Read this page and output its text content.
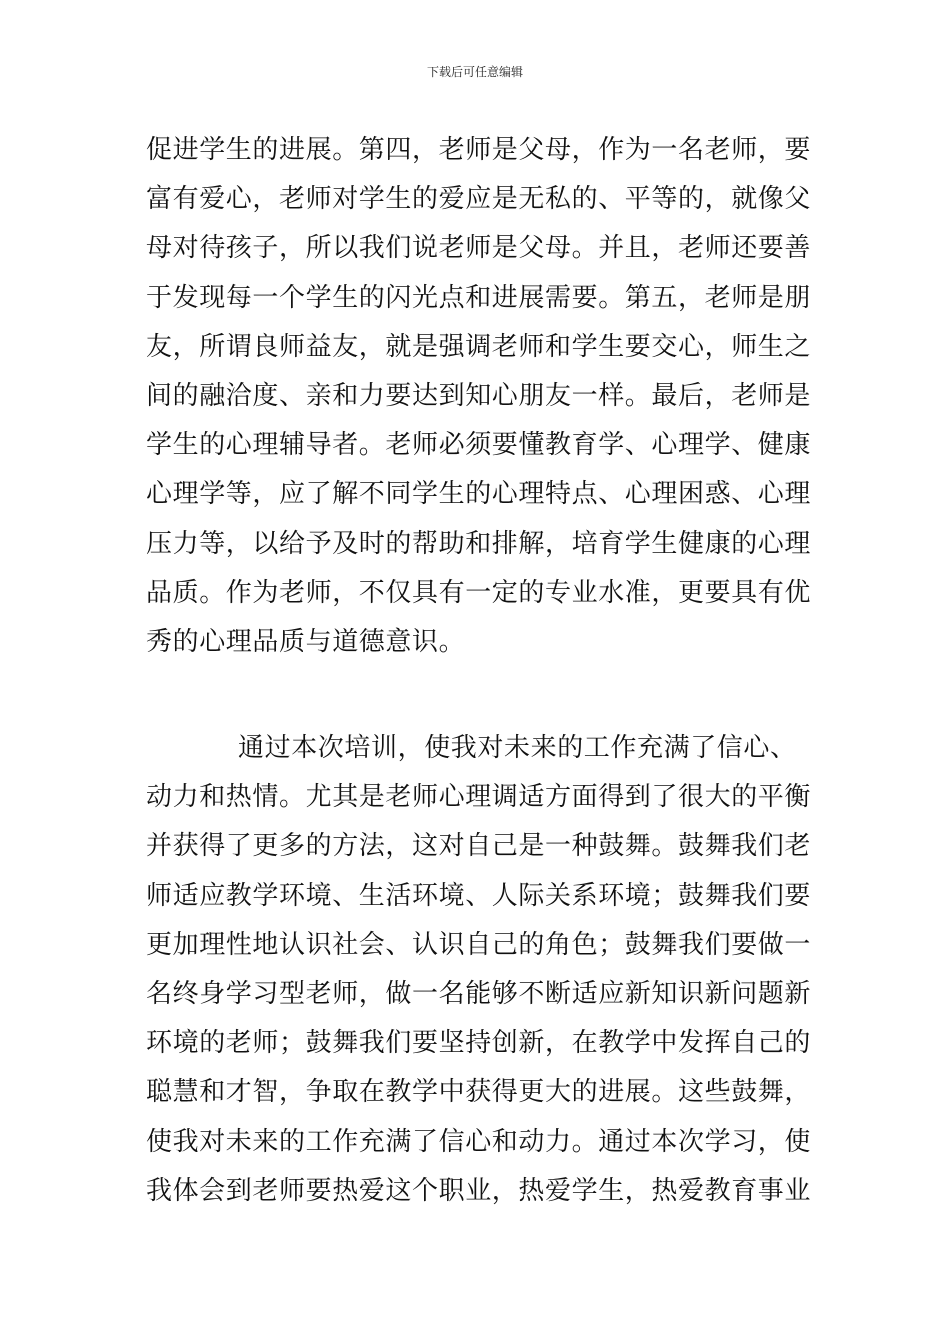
下载后可任意编辑
促进学生的进展。第四，老师是父母，作为一名老师，要
富有爱心，老师对学生的爱应是无私的、平等的，就像父
母对待孩子，所以我们说老师是父母。并且，老师还要善
于发现每一个学生的闪光点和进展需要。第五，老师是朋
友，所谓良师益友，就是强调老师和学生要交心，师生之
间的融洽度、亲和力要达到知心朋友一样。最后，老师是
学生的心理辅导者。老师必须要懂教育学、心理学、健康
心理学等，应了解不同学生的心理特点、心理困惑、心理
压力等，以给予及时的帮助和排解，培育学生健康的心理
品质。作为老师，不仅具有一定的专业水准，更要具有优
秀的心理品质与道德意识。
通过本次培训，使我对未来的工作充满了信心、
动力和热情。尤其是老师心理调适方面得到了很大的平衡
并获得了更多的方法，这对自己是一种鼓舞。鼓舞我们老
师适应教学环境、生活环境、人际关系环境；鼓舞我们要
更加理性地认识社会、认识自己的角色；鼓舞我们要做一
名终身学习型老师，做一名能够不断适应新知识新问题新
环境的老师；鼓舞我们要坚持创新，在教学中发挥自己的
聪慧和才智，争取在教学中获得更大的进展。这些鼓舞，
使我对未来的工作充满了信心和动力。通过本次学习，使
我体会到老师要热爱这个职业，热爱学生，热爱教育事业
